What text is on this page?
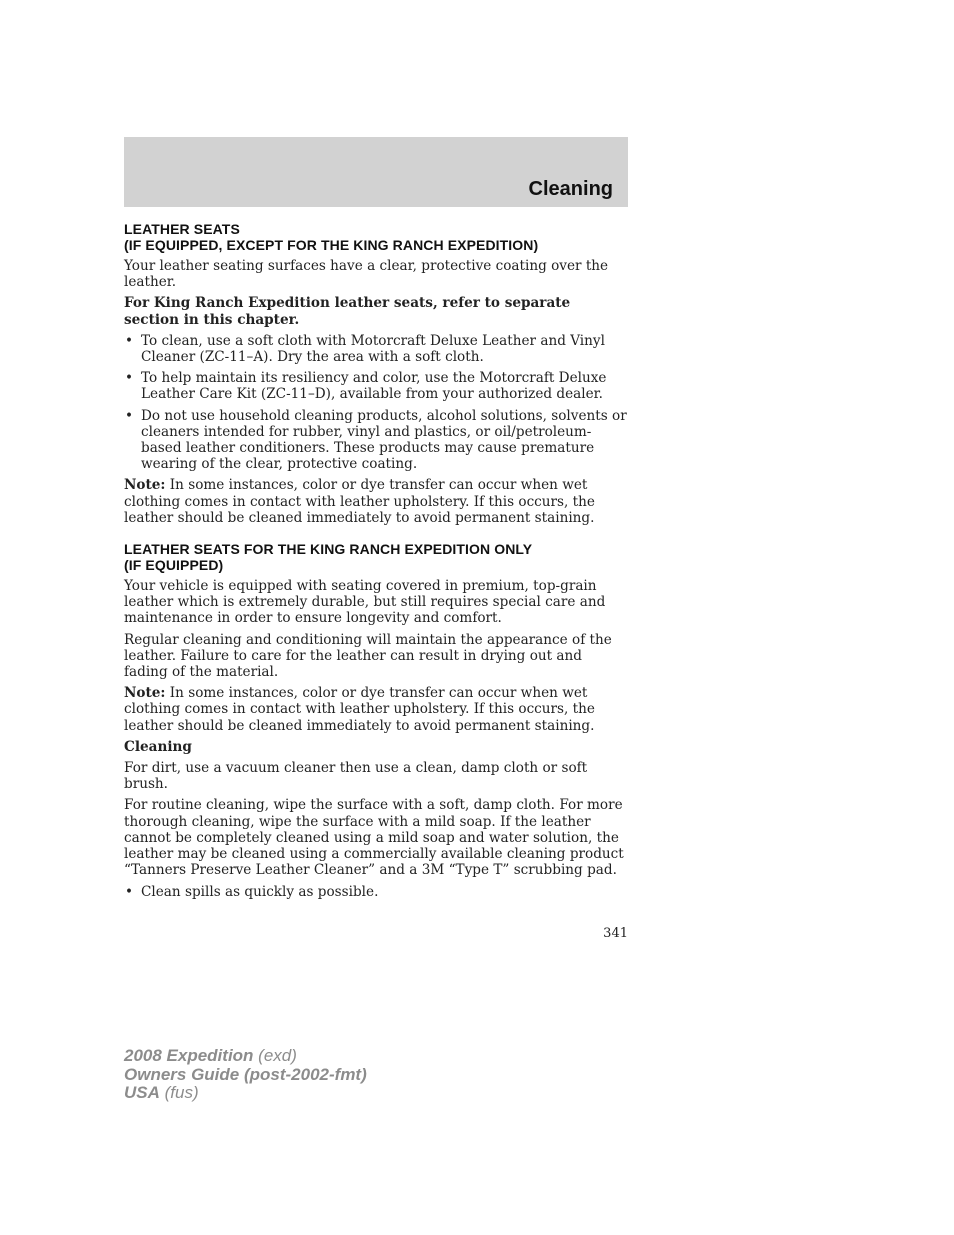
Cleaning
LEATHER SEATS
(IF EQUIPPED, EXCEPT FOR THE KING RANCH EXPEDITION)

Your leather seating surfaces have a clear, protective coating over the leather.

For King Ranch Expedition leather seats, refer to separate section in this chapter.

• To clean, use a soft cloth with Motorcraft Deluxe Leather and Vinyl Cleaner (ZC-11–A). Dry the area with a soft cloth.
• To help maintain its resiliency and color, use the Motorcraft Deluxe Leather Care Kit (ZC-11–D), available from your authorized dealer.
• Do not use household cleaning products, alcohol solutions, solvents or cleaners intended for rubber, vinyl and plastics, or oil/petroleum-based leather conditioners. These products may cause premature wearing of the clear, protective coating.

Note: In some instances, color or dye transfer can occur when wet clothing comes in contact with leather upholstery. If this occurs, the leather should be cleaned immediately to avoid permanent staining.

LEATHER SEATS FOR THE KING RANCH EXPEDITION ONLY
(IF EQUIPPED)

Your vehicle is equipped with seating covered in premium, top-grain leather which is extremely durable, but still requires special care and maintenance in order to ensure longevity and comfort.

Regular cleaning and conditioning will maintain the appearance of the leather. Failure to care for the leather can result in drying out and fading of the material.

Note: In some instances, color or dye transfer can occur when wet clothing comes in contact with leather upholstery. If this occurs, the leather should be cleaned immediately to avoid permanent staining.

Cleaning

For dirt, use a vacuum cleaner then use a clean, damp cloth or soft brush.

For routine cleaning, wipe the surface with a soft, damp cloth. For more thorough cleaning, wipe the surface with a mild soap. If the leather cannot be completely cleaned using a mild soap and water solution, the leather may be cleaned using a commercially available cleaning product “Tanners Preserve Leather Cleaner” and a 3M “Type T” scrubbing pad.

• Clean spills as quickly as possible.
341
2008 Expedition (exd)
Owners Guide (post-2002-fmt)
USA (fus)
